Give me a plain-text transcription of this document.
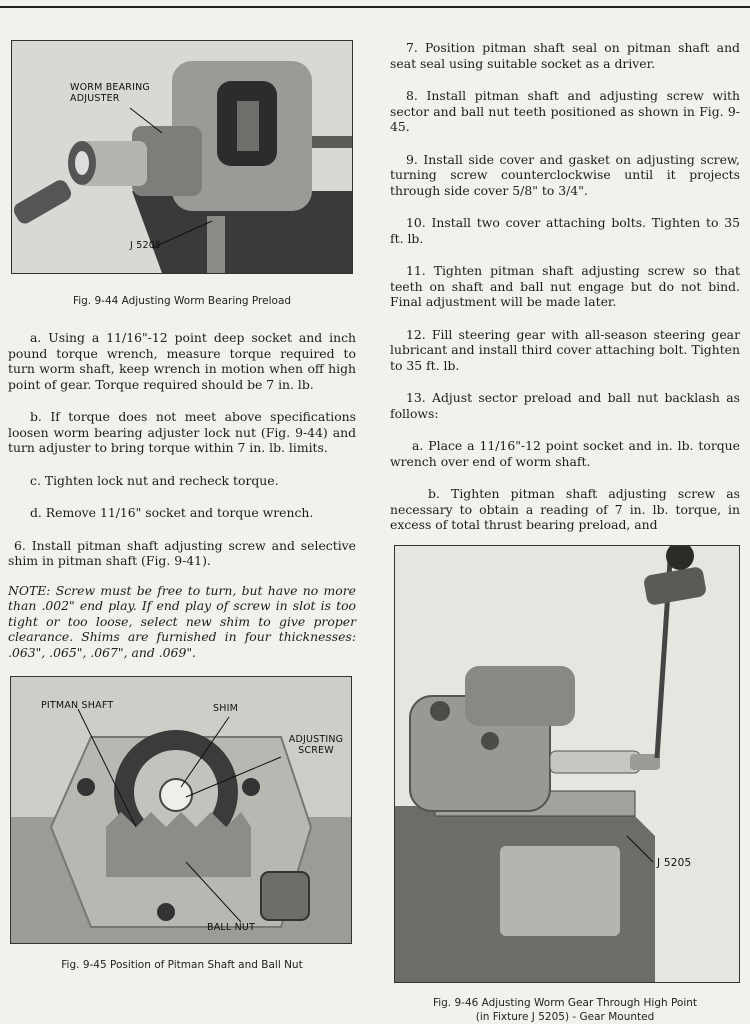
WORM BEARING ADJUSTER
J 5205
Fig. 9-44 Adjusting Worm Bearing Preload

a. Using a 11/16"-12 point deep socket and inch pound torque wrench, measure torque required to turn worm shaft, keep wrench in motion when off high point of gear. Torque required should be 7 in. lb.

b. If torque does not meet above specifications loosen worm bearing adjuster lock nut (Fig. 9-44) and turn adjuster to bring torque within 7 in. lb. limits.

c. Tighten lock nut and recheck torque.

d. Remove 11/16" socket and torque wrench.

6. Install pitman shaft adjusting screw and selective shim in pitman shaft (Fig. 9-41).

NOTE: Screw must be free to turn, but have no more than .002" end play. If end play of screw in slot is too tight or too loose, select new shim to give proper clearance. Shims are furnished in four thicknesses: .063", .065", .067", and .069".

PITMAN SHAFT	SHIM
ADJUSTING SCREW
BALL NUT
Fig. 9-45 Position of Pitman Shaft and Ball Nut

7. Position pitman shaft seal on pitman shaft and seat seal using suitable socket as a driver.

8. Install pitman shaft and adjusting screw with sector and ball nut teeth positioned as shown in Fig. 9-45.

9. Install side cover and gasket on adjusting screw, turning screw counterclockwise until it projects through side cover 5/8" to 3/4".

10. Install two cover attaching bolts. Tighten to 35 ft. lb.

11. Tighten pitman shaft adjusting screw so that teeth on shaft and ball nut engage but do not bind. Final adjustment will be made later.

12. Fill steering gear with all-season steering gear lubricant and install third cover attaching bolt. Tighten to 35 ft. lb.

13. Adjust sector preload and ball nut backlash as follows:

a. Place a 11/16"-12 point socket and in. lb. torque wrench over end of worm shaft.

b. Tighten pitman shaft adjusting screw as necessary to obtain a reading of 7 in. lb. torque, in excess of total thrust bearing preload, and

J 5205
Fig. 9-46 Adjusting Worm Gear Through High Point
(in Fixture J 5205) - Gear Mounted
